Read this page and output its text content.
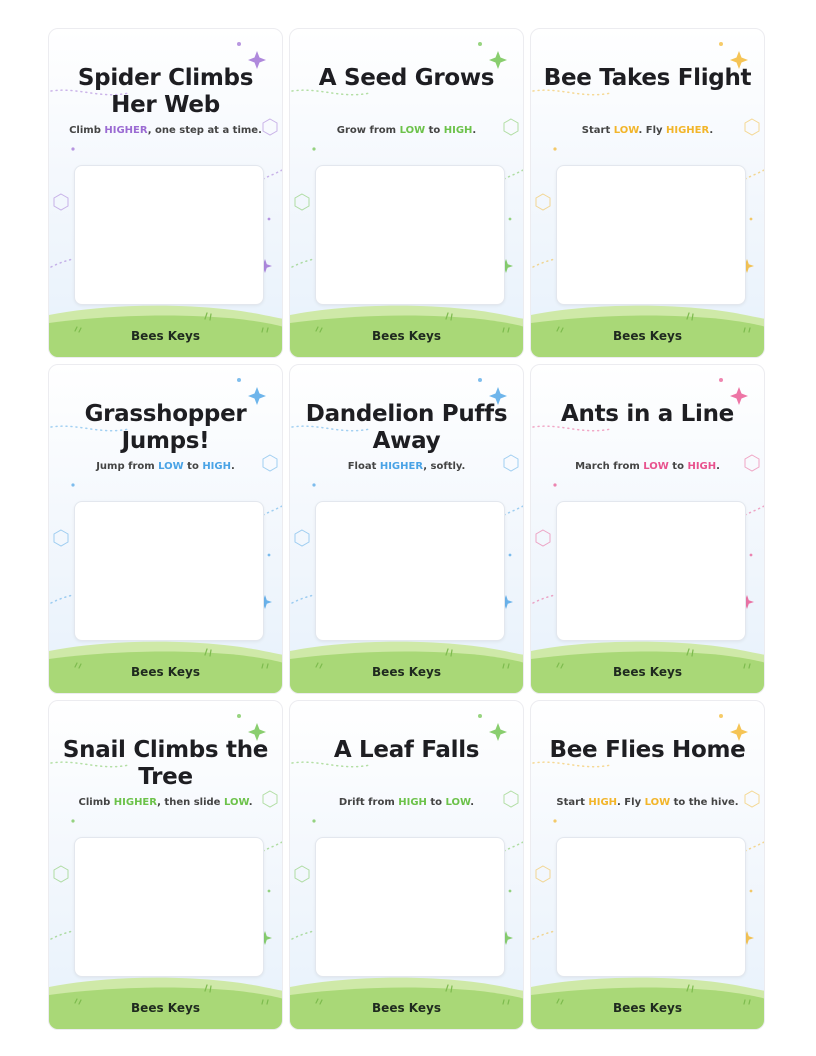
Spider Climbs Her Web
Climb HIGHER, one step at a time.
Bees Keys
A Seed Grows
Grow from LOW to HIGH.
Bees Keys
Bee Takes Flight
Start LOW. Fly HIGHER.
Bees Keys
Grasshopper Jumps!
Jump from LOW to HIGH.
Bees Keys
Dandelion Puffs Away
Float HIGHER, softly.
Bees Keys
Ants in a Line
March from LOW to HIGH.
Bees Keys
Snail Climbs the Tree
Climb HIGHER, then slide LOW.
Bees Keys
A Leaf Falls
Drift from HIGH to LOW.
Bees Keys
Bee Flies Home
Start HIGH. Fly LOW to the hive.
Bees Keys
